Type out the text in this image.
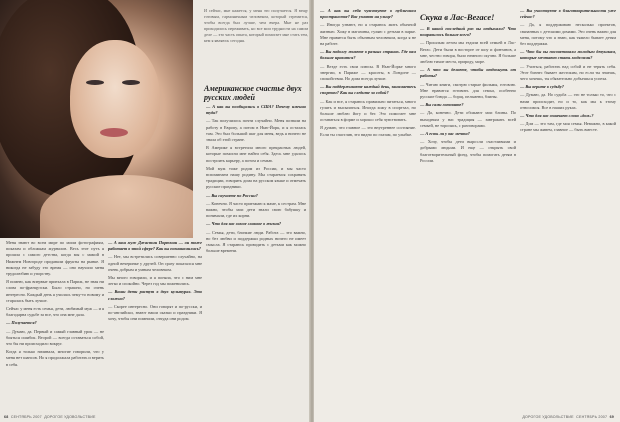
И сейчас, мне кажется, у меня это получается. Я вещу готовым, гармоничным человеком, который стремится, чтобы всегда был лучше, чем вчера. Мне не раз приходилось переживать, но все мои трудности на самом деле — это часть опыта, который помогает мне стать тем, кем я являюсь сегодня.
Американское счастье двух русских людей

— А как вы пообщались в США? Почему именно туда?

— Так получилось почти случайно. Меня позвали на работу в Европу, а потом в Нью-Йорк, и я осталась там. Это был большой шаг для меня, ведь я ничего не знала об этой стране.

В Америке я встретила много прекрасных людей, которые помогли мне найти себя. Здесь мне удалось построить карьеру, а потом и семью.

Мой муж тоже родом из России, и мы часто вспоминаем нашу родину. Мы стараемся сохранять традиции, говорить дома на русском языке и отмечать русские праздники.

— Вы скучаете по России?

— Конечно. Я часто приезжаю к маме, к сестрам. Мне важно, чтобы мои дети знали свою бабушку и понимали, где их корни.

— Что для вас самое главное в жизни?

— Семья, дети, близкие люди. Работа — это важно, но без любви и поддержки родных ничего не имеет смысла. Я стараюсь проводить с детьми как можно больше времени.

Меня знают во всем мире по моим фотографиям, показам и обложкам журналов. Весь этот путь я прошла с самого детства, когда мы с мамой в Нижнем Новгороде продавали фрукты на рынке. Я никогда не забуду это время — оно научило меня трудолюбию и упорству.

Я помню, как впервые приехала в Париж, не зная ни слова по-французски. Было страшно, но очень интересно. Каждый день я училась чему-то новому и старалась быть лучше.

Сейчас у меня есть семья, дети, любимый муж — и я благодарна судьбе за все, что она мне дала.

— Получается?

— Думаю, да. Первый и самый главный урок — не бояться ошибок. Второй — всегда оставаться собой, что бы ни происходило вокруг.

Когда я только начинала, многие говорили, что у меня нет шансов. Но я продолжала работать и верить в себя.

— А ваш муж Джастин Портман — он тоже работает в этой сфере? Как вы познакомились?

— Нет, мы встретились совершенно случайно, на одной вечеринке у друзей. Он сразу показался мне очень добрым и умным человеком.

Мы много говорили, и я поняла, что с ним мне легко и спокойно. Через год мы поженились.

— Ваши дети растут в двух культурах. Это сложно?

— Скорее интересно. Они говорят и по-русски, и по-английски, знают наши сказки и праздники. Я хочу, чтобы они помнили, откуда они родом.

68 СЕНТЯБРЬ 2007 ДОРОГОЕ УДОВОЛЬСТВИЕ

— А как вы себя чувствуете в публичном пространстве? Вас узнают на улице?

— Иногда узнают, но я стараюсь жить обычной жизнью. Хожу в магазины, гуляю с детьми в парке. Мне нравится быть обычным человеком, когда я не на работе.

— Вы подолгу живете в разных странах. Где вам больше нравится?

— Везде есть свои плюсы. В Нью-Йорке много энергии, в Париже — красоты, в Лондоне — спокойствия. Но дома всегда лучше.

— Вы поддерживаете каждый день, занимаетесь спортом? Как вы следите за собой?

— Как и все, я стараюсь правильно питаться, много гулять и высыпаться. Иногда хожу в спортзал, но больше люблю йогу и бег. Это помогает мне оставаться в форме и хорошо себя чувствовать.

Я думаю, что главное — это внутреннее состояние. Если ты счастлив, это видно по глазам, по улыбке.

Скука в Лас-Вегасе!

— В какой последний раз вы отдыхали? Что понравилось больше всего?

— Прошлым летом мы ездили всей семьей в Лас-Вегас. Дети были в восторге от шоу и фонтанов, а мне, честно говоря, было немного скучно. Я больше люблю тихие места, природу, море.

— А что вы делаете, чтобы отдохнуть от работы?

— Читаю книги, смотрю старые фильмы, готовлю. Мне нравится готовить для семьи, особенно русские блюда — борщ, пельмени, блины.

— Вы сами готовите?

— Да, конечно. Дети обожают мои блины. По выходным у нас традиция — завтракать всей семьей, не торопясь, с разговорами.

— А есть ли у вас мечта?

— Хочу, чтобы дети выросли счастливыми и добрыми людьми. И еще — открыть свой благотворительный фонд, чтобы помогать детям в России.

— Вы участвуете в благотворительности уже сейчас?

— Да, я поддерживаю несколько проектов, связанных с детскими домами. Это очень важно для меня, потому что я знаю, как тяжело бывает детям без поддержки.

— Что бы вы посоветовали молодым девушкам, которые мечтают стать моделями?

— Учиться, работать над собой и не терять себя. Этот бизнес бывает жестоким, но если ты знаешь, чего хочешь, ты обязательно добьешься успеха.

— Вы верите в судьбу?

— Думаю, да. Но судьба — это не только то, что с нами происходит, но и то, как мы к этому относимся. Все в наших руках.

— Что для вас означает слово «дом»?

— Дом — это там, где моя семья. Неважно, в какой стране мы живем, главное — быть вместе.

ДОРОГОЕ УДОВОЛЬСТВИЕ СЕНТЯБРЬ 2007 69
